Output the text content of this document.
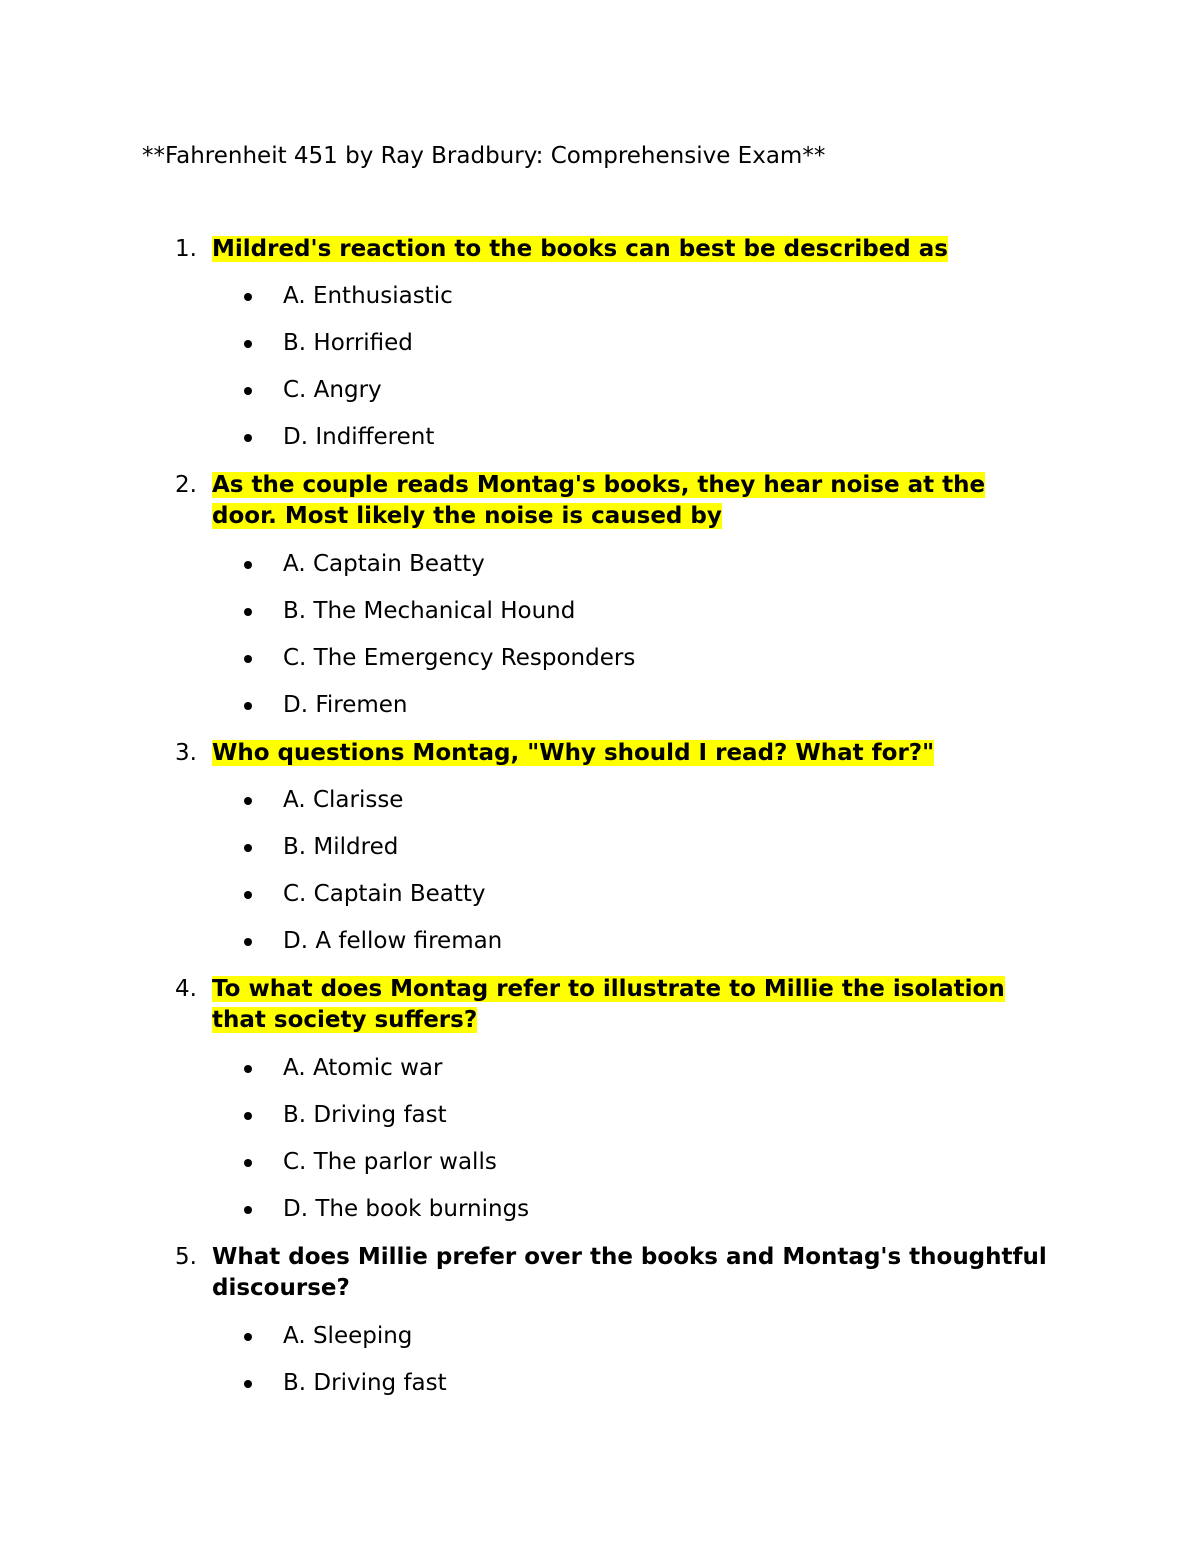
**Fahrenheit 451 by Ray Bradbury: Comprehensive Exam**
1. Mildred's reaction to the books can best be described as
A. Enthusiastic
B. Horrified
C. Angry
D. Indifferent
2. As the couple reads Montag's books, they hear noise at the door. Most likely the noise is caused by
A. Captain Beatty
B. The Mechanical Hound
C. The Emergency Responders
D. Firemen
3. Who questions Montag, "Why should I read? What for?"
A. Clarisse
B. Mildred
C. Captain Beatty
D. A fellow fireman
4. To what does Montag refer to illustrate to Millie the isolation that society suffers?
A. Atomic war
B. Driving fast
C. The parlor walls
D. The book burnings
5. What does Millie prefer over the books and Montag's thoughtful discourse?
A. Sleeping
B. Driving fast
